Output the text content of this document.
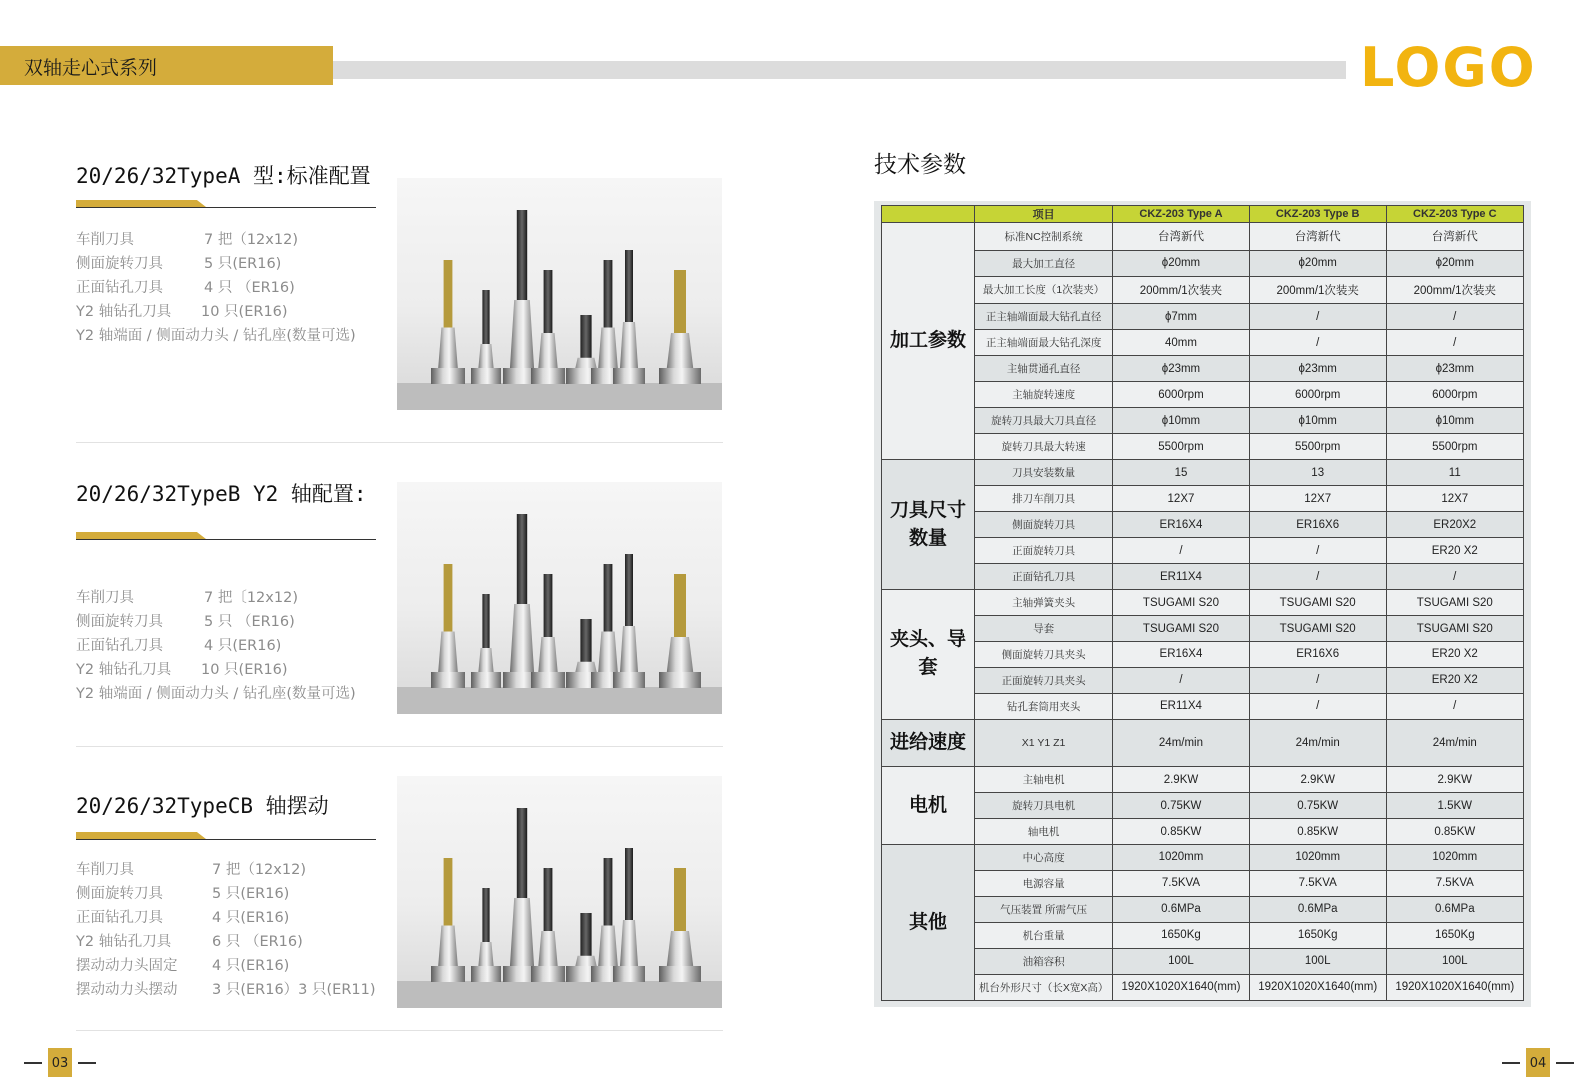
双轴走心式系列	LOGO
20/26/32TypeA 型:标准配置
车削刀具	7 把（12x12)
侧面旋转刀具	5 只(ER16)
正面钻孔刀具	4 只 （ER16)
Y2 轴钻孔刀具	10 只(ER16)
Y2 轴端面 / 侧面动力头 / 钻孔座(数量可选)
20/26/32TypeB Y2 轴配置:
车削刀具	7 把〔12x12)
侧面旋转刀具	5 只 （ER16)
正面钻孔刀具	4 只(ER16)
Y2 轴钻孔刀具	10 只(ER16)
Y2 轴端面 / 侧面动力头 / 钻孔座(数量可选)
20/26/32TypeCB 轴摆动
车削刀具	7 把（12x12)
侧面旋转刀具	5 只(ER16)
正面钻孔刀具	4 只(ER16)
Y2 轴钻孔刀具	6 只 （ER16)
摆动动力头固定	4 只(ER16)
摆动动力头摆动	3 只(ER16）3 只(ER11)
技术参数
	项目	CKZ-203 Type A	CKZ-203 Type B	CKZ-203 Type C
加工参数	标准NC控制系统	台湾新代	台湾新代	台湾新代
	最大加工直径	ϕ20mm	ϕ20mm	ϕ20mm
	最大加工长度（1次装夹）	200mm/1次装夹	200mm/1次装夹	200mm/1次装夹
	正主轴端面最大钻孔直径	ϕ7mm	/	/
	正主轴端面最大钻孔深度	40mm	/	/
	主轴贯通孔直径	ϕ23mm	ϕ23mm	ϕ23mm
	主轴旋转速度	6000rpm	6000rpm	6000rpm
	旋转刀具最大刀具直径	ϕ10mm	ϕ10mm	ϕ10mm
	旋转刀具最大转速	5500rpm	5500rpm	5500rpm
刀具尺寸数量	刀具安装数量	15	13	11
	排刀车削刀具	12X7	12X7	12X7
	侧面旋转刀具	ER16X4	ER16X6	ER20X2
	正面旋转刀具	/	/	ER20 X2
	正面钻孔刀具	ER11X4	/	/
夹头、导套	主轴弹簧夹头	TSUGAMI S20	TSUGAMI S20	TSUGAMI S20
	导套	TSUGAMI S20	TSUGAMI S20	TSUGAMI S20
	侧面旋转刀具夹头	ER16X4	ER16X6	ER20 X2
	正面旋转刀具夹头	/	/	ER20 X2
	钻孔套筒用夹头	ER11X4	/	/
进给速度	X1 Y1 Z1	24m/min	24m/min	24m/min
电机	主轴电机	2.9KW	2.9KW	2.9KW
	旋转刀具电机	0.75KW	0.75KW	1.5KW
	轴电机	0.85KW	0.85KW	0.85KW
其他	中心高度	1020mm	1020mm	1020mm
	电源容量	7.5KVA	7.5KVA	7.5KVA
	气压装置 所需气压	0.6MPa	0.6MPa	0.6MPa
	机台重量	1650Kg	1650Kg	1650Kg
	油箱容积	100L	100L	100L
	机台外形尺寸（长X宽X高）	1920X1020X1640(mm)	1920X1020X1640(mm)	1920X1020X1640(mm)
03	04
